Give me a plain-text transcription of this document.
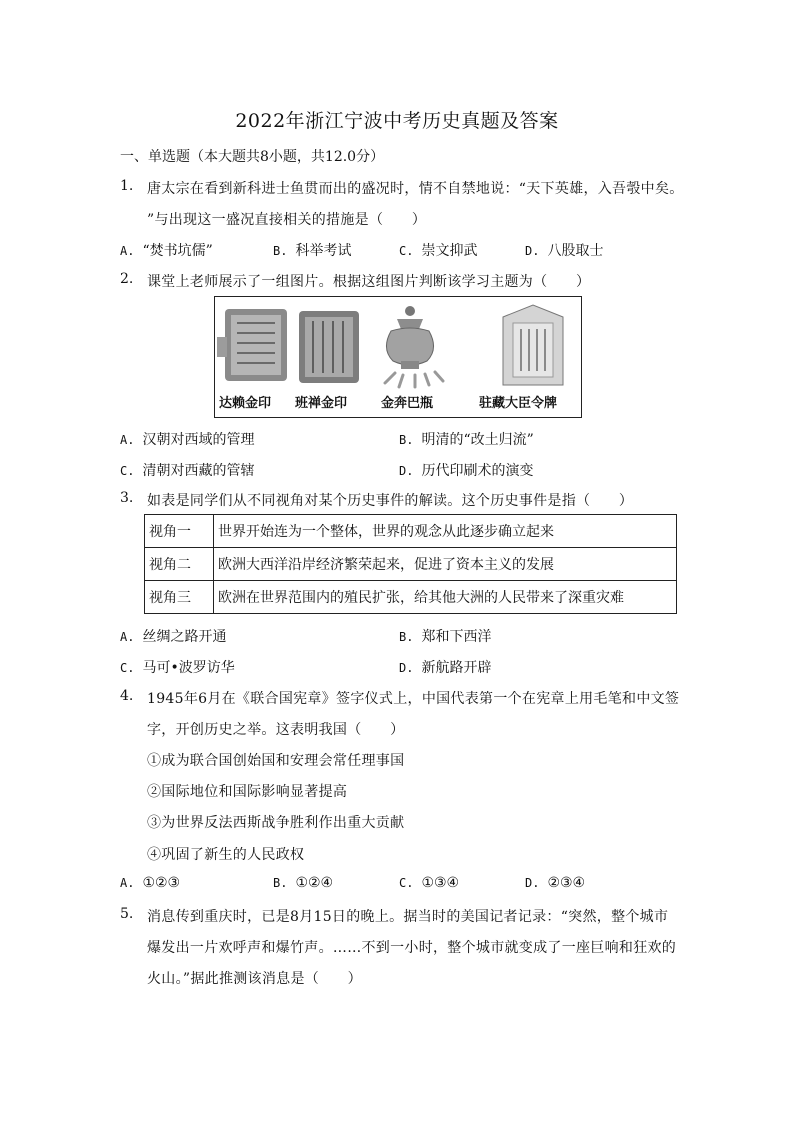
2022年浙江宁波中考历史真题及答案
一、单选题（本大题共8小题，共12.0分）
1. 唐太宗在看到新科进士鱼贯而出的盛况时，情不自禁地说：“天下英雄，入吾彀中矣。
”与出现这一盛况直接相关的措施是（　　）
A. “焚书坑儒”	B. 科举考试	C. 崇文抑武	D. 八股取士
2. 课堂上老师展示了一组图片。根据这组图片判断该学习主题为（　　）
达赖金印 班禅金印	金奔巴瓶	驻藏大臣令牌
A. 汉朝对西域的管理	B. 明清的“改土归流”
C. 清朝对西藏的管辖	D. 历代印刷术的演变
3. 如表是同学们从不同视角对某个历史事件的解读。这个历史事件是指（　　）
视角一	世界开始连为一个整体，世界的观念从此逐步确立起来
视角二	欧洲大西洋沿岸经济繁荣起来，促进了资本主义的发展
视角三	欧洲在世界范围内的殖民扩张，给其他大洲的人民带来了深重灾难
A. 丝绸之路开通	B. 郑和下西洋
C. 马可•波罗访华	D. 新航路开辟
4. 1945年6月在《联合国宪章》签字仪式上，中国代表第一个在宪章上用毛笔和中文签
字，开创历史之举。这表明我国（　　）
①成为联合国创始国和安理会常任理事国
②国际地位和国际影响显著提高
③为世界反法西斯战争胜利作出重大贡献
④巩固了新生的人民政权
A. ①②③	B. ①②④	C. ①③④	D. ②③④
5. 消息传到重庆时，已是8月15日的晚上。据当时的美国记者记录：“突然，整个城市
爆发出一片欢呼声和爆竹声。……不到一小时，整个城市就变成了一座巨响和狂欢的
火山。”据此推测该消息是（　　）
